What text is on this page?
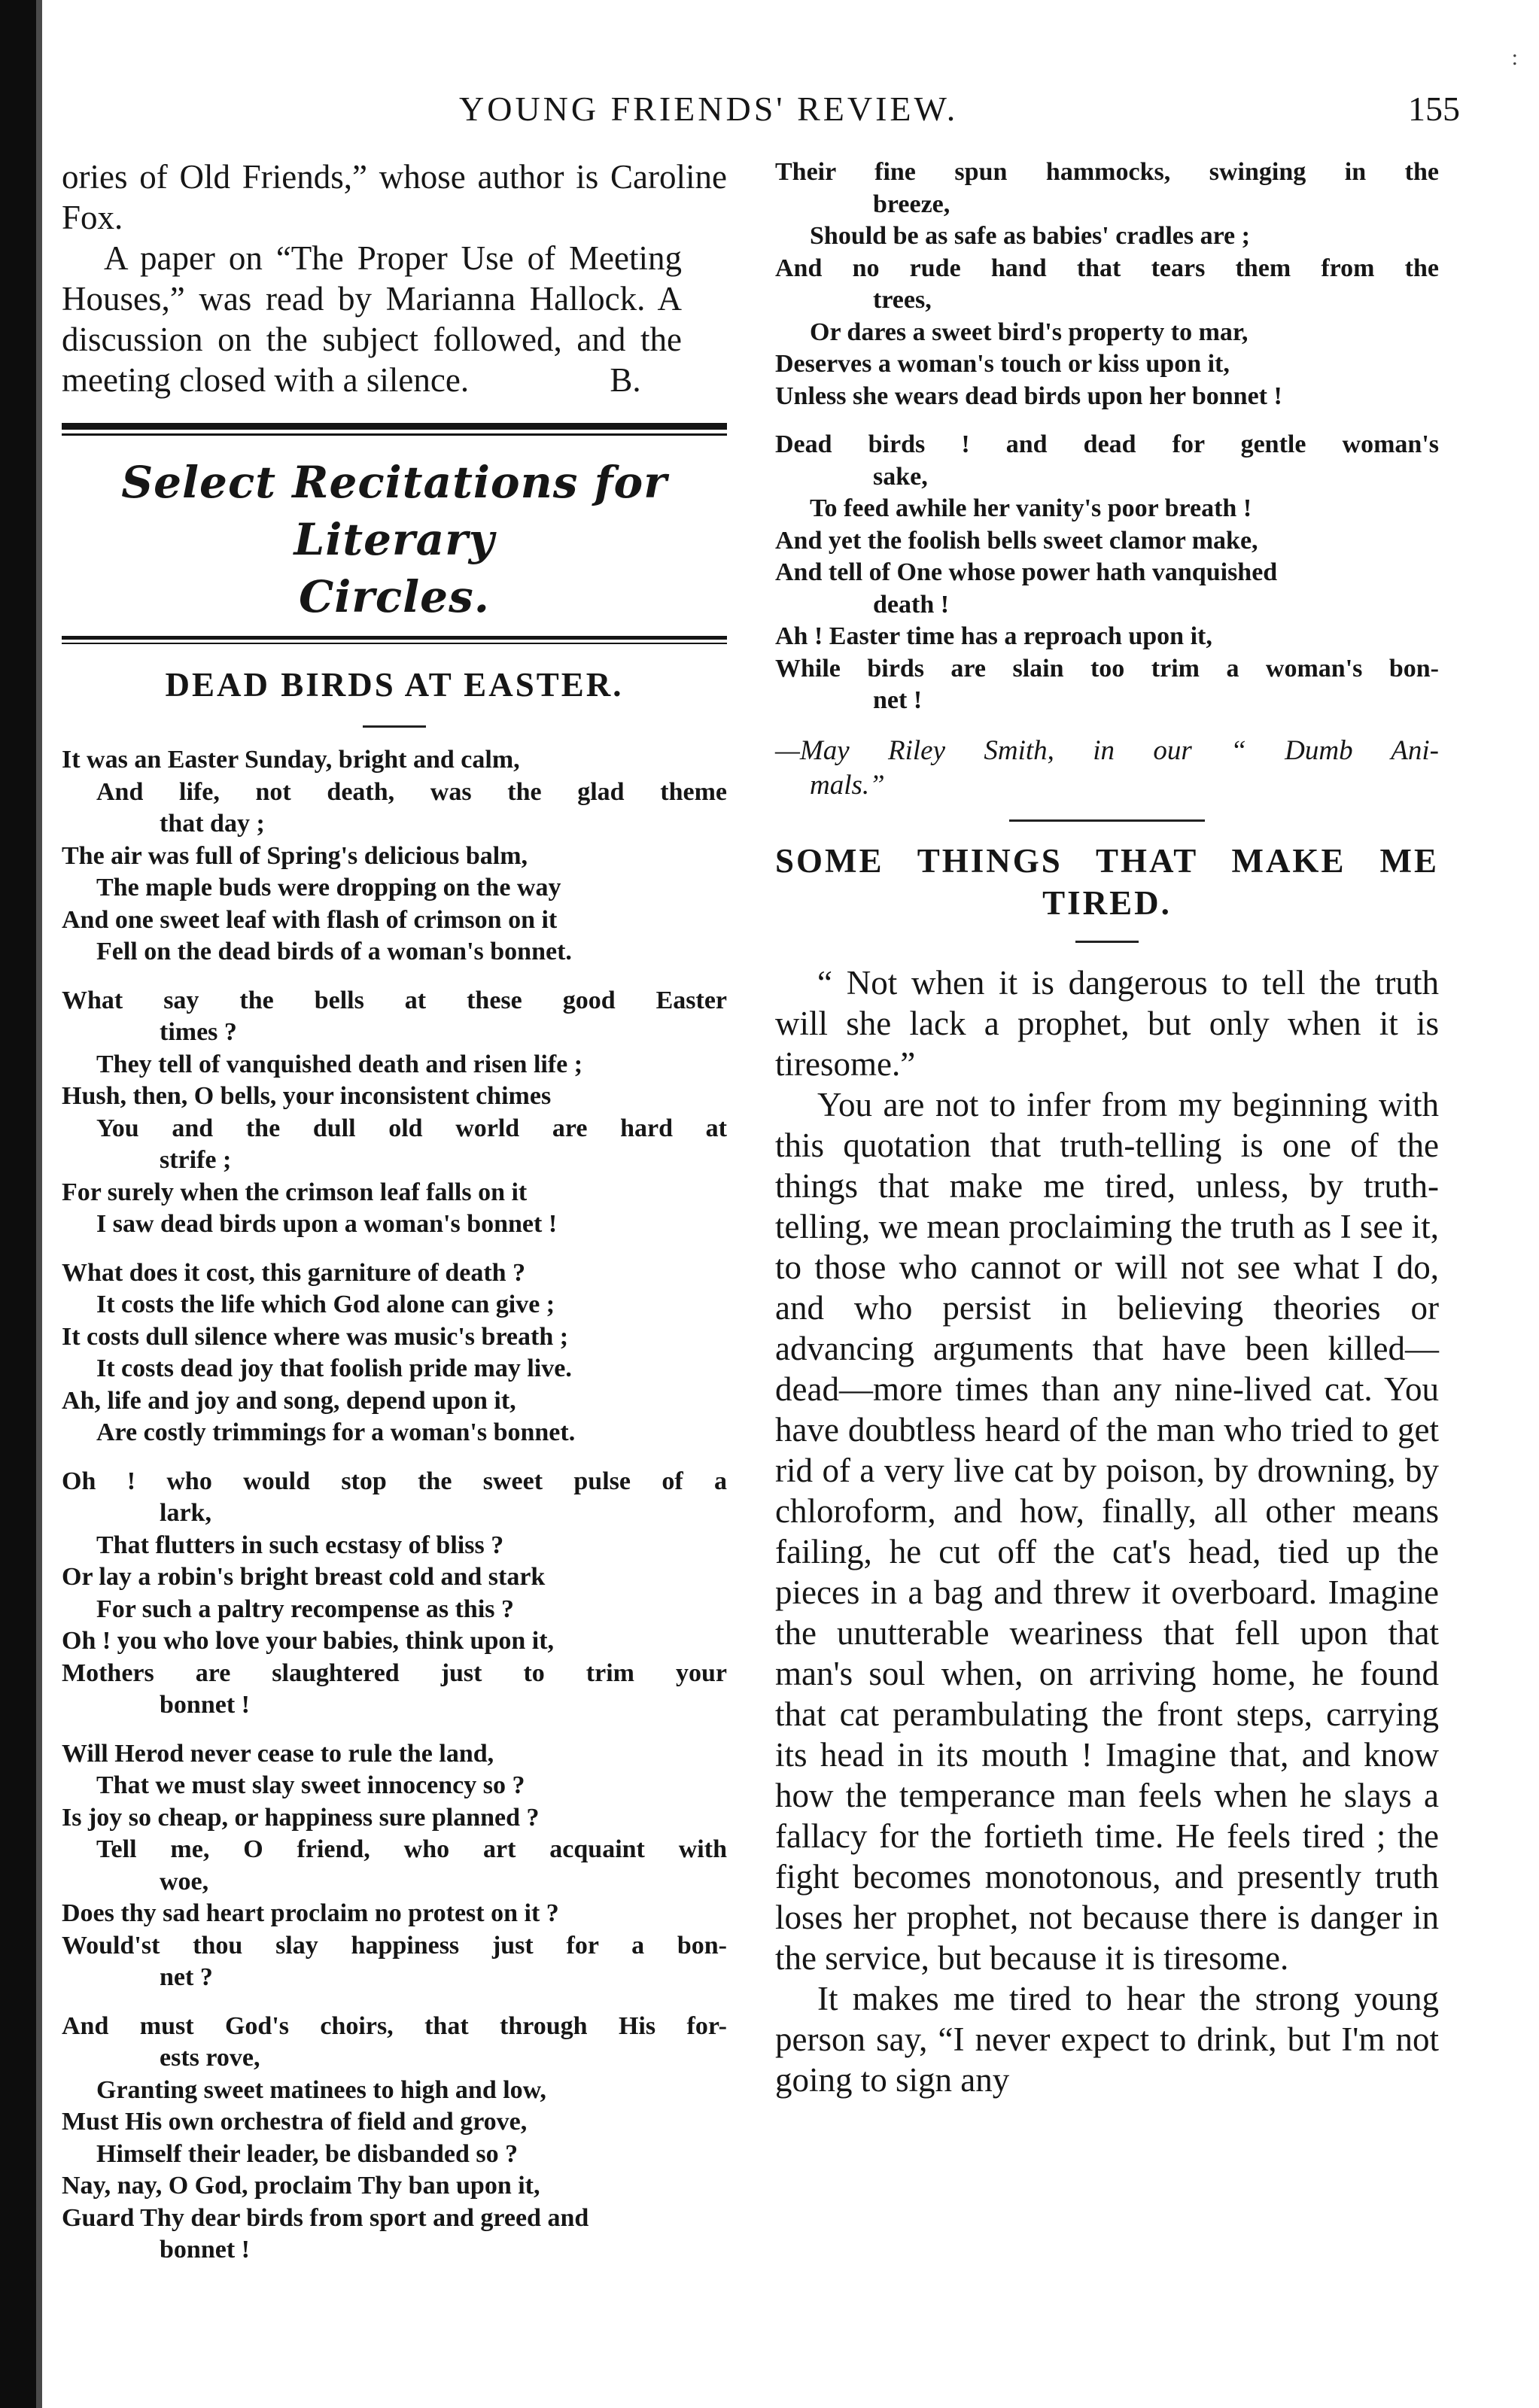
YOUNG FRIENDS' REVIEW.	155
:

ories of Old Friends,” whose author is Caroline Fox.

A paper on “The Proper Use of Meeting Houses,” was read by Marianna Hallock. A discussion on the subject followed, and the meeting closed with a silence.	B.

Select Recitations for Literary
Circles.
DEAD BIRDS AT EASTER.
It was an Easter Sunday, bright and calm,
And life, not death, was the glad theme
that day ;
The air was full of Spring's delicious balm,
The maple buds were dropping on the way
And one sweet leaf with flash of crimson on it
Fell on the dead birds of a woman's bonnet.
What say the bells at these good Easter
times ?
They tell of vanquished death and risen life ;
Hush, then, O bells, your inconsistent chimes
You and the dull old world are hard at
strife ;
For surely when the crimson leaf falls on it
I saw dead birds upon a woman's bonnet !
What does it cost, this garniture of death ?
It costs the life which God alone can give ;
It costs dull silence where was music's breath ;
It costs dead joy that foolish pride may live.
Ah, life and joy and song, depend upon it,
Are costly trimmings for a woman's bonnet.
Oh ! who would stop the sweet pulse of a
lark,
That flutters in such ecstasy of bliss ?
Or lay a robin's bright breast cold and stark
For such a paltry recompense as this ?
Oh ! you who love your babies, think upon it,
Mothers are slaughtered just to trim your
bonnet !
Will Herod never cease to rule the land,
That we must slay sweet innocency so ?
Is joy so cheap, or happiness sure planned ?
Tell me, O friend, who art acquaint with
woe,
Does thy sad heart proclaim no protest on it ?
Would'st thou slay happiness just for a bon-
net ?
And must God's choirs, that through His for-
ests rove,
Granting sweet matinees to high and low,
Must His own orchestra of field and grove,
Himself their leader, be disbanded so ?
Nay, nay, O God, proclaim Thy ban upon it,
Guard Thy dear birds from sport and greed and
bonnet !
Their fine spun hammocks, swinging in the
breeze,
Should be as safe as babies' cradles are ;
And no rude hand that tears them from the
trees,
Or dares a sweet bird's property to mar,
Deserves a woman's touch or kiss upon it,
Unless she wears dead birds upon her bonnet !
Dead birds ! and dead for gentle woman's
sake,
To feed awhile her vanity's poor breath !
And yet the foolish bells sweet clamor make,
And tell of One whose power hath vanquished
death !
Ah ! Easter time has a reproach upon it,
While birds are slain too trim a woman's bon-
net !
—May Riley Smith, in our “ Dumb Ani-
mals.”
SOME THINGS THAT MAKE ME TIRED.

“ Not when it is dangerous to tell the truth will she lack a prophet, but only when it is tiresome.”

You are not to infer from my beginning with this quotation that truth-telling is one of the things that make me tired, unless, by truth-telling, we mean proclaiming the truth as I see it, to those who cannot or will not see what I do, and who persist in believing theories or advancing arguments that have been killed—dead—more times than any nine-lived cat. You have doubtless heard of the man who tried to get rid of a very live cat by poison, by drowning, by chloroform, and how, finally, all other means failing, he cut off the cat's head, tied up the pieces in a bag and threw it overboard. Imagine the unutterable weariness that fell upon that man's soul when, on arriving home, he found that cat perambulating the front steps, carrying its head in its mouth ! Imagine that, and know how the temperance man feels when he slays a fallacy for the fortieth time. He feels tired ; the fight becomes monotonous, and presently truth loses her prophet, not because there is danger in the service, but because it is tiresome.

It makes me tired to hear the strong young person say, “I never expect to drink, but I'm not going to sign any
